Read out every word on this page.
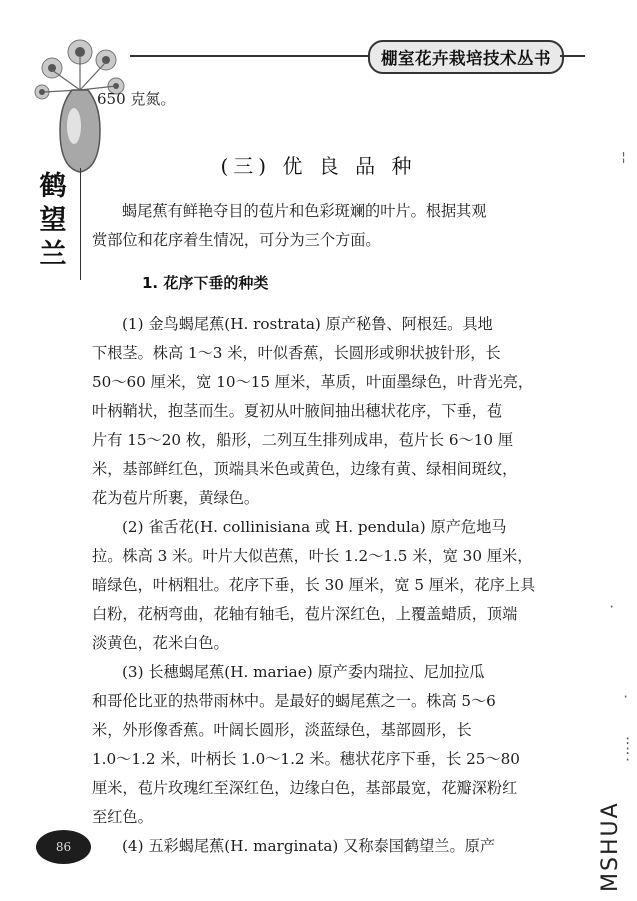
棚室花卉栽培技术丛书
650 克氮。
鹤
望
兰
(三) 优 良 品 种
蝎尾蕉有鲜艳夺目的苞片和色彩斑斓的叶片。根据其观
赏部位和花序着生情况，可分为三个方面。
1. 花序下垂的种类
(1) 金鸟蝎尾蕉(H. rostrata) 原产秘鲁、阿根廷。具地
下根茎。株高 1～3 米，叶似香蕉，长圆形或卵状披针形，长
50～60 厘米，宽 10～15 厘米，革质，叶面墨绿色，叶背光亮，
叶柄鞘状，抱茎而生。夏初从叶腋间抽出穗状花序，下垂，苞
片有 15～20 枚，船形，二列互生排列成串，苞片长 6～10 厘
米，基部鲜红色，顶端具米色或黄色，边缘有黄、绿相间斑纹，
花为苞片所裹，黄绿色。
(2) 雀舌花(H. collinisiana 或 H. pendula) 原产危地马
拉。株高 3 米。叶片大似芭蕉，叶长 1.2～1.5 米，宽 30 厘米，
暗绿色，叶柄粗壮。花序下垂，长 30 厘米，宽 5 厘米，花序上具
白粉，花柄弯曲，花轴有轴毛，苞片深红色，上覆盖蜡质，顶端
淡黄色，花米白色。
(3) 长穗蝎尾蕉(H. mariae) 原产委内瑞拉、尼加拉瓜
和哥伦比亚的热带雨林中。是最好的蝎尾蕉之一。株高 5～6
米，外形像香蕉。叶阔长圆形，淡蓝绿色，基部圆形，长
1.0～1.2 米，叶柄长 1.0～1.2 米。穗状花序下垂，长 25～80
厘米，苞片玫瑰红至深红色，边缘白色，基部最宽，花瓣深粉红
至红色。
(4) 五彩蝎尾蕉(H. marginata) 又称泰国鹤望兰。原产
86
¦
·
·
:
:
·
MSHUA
